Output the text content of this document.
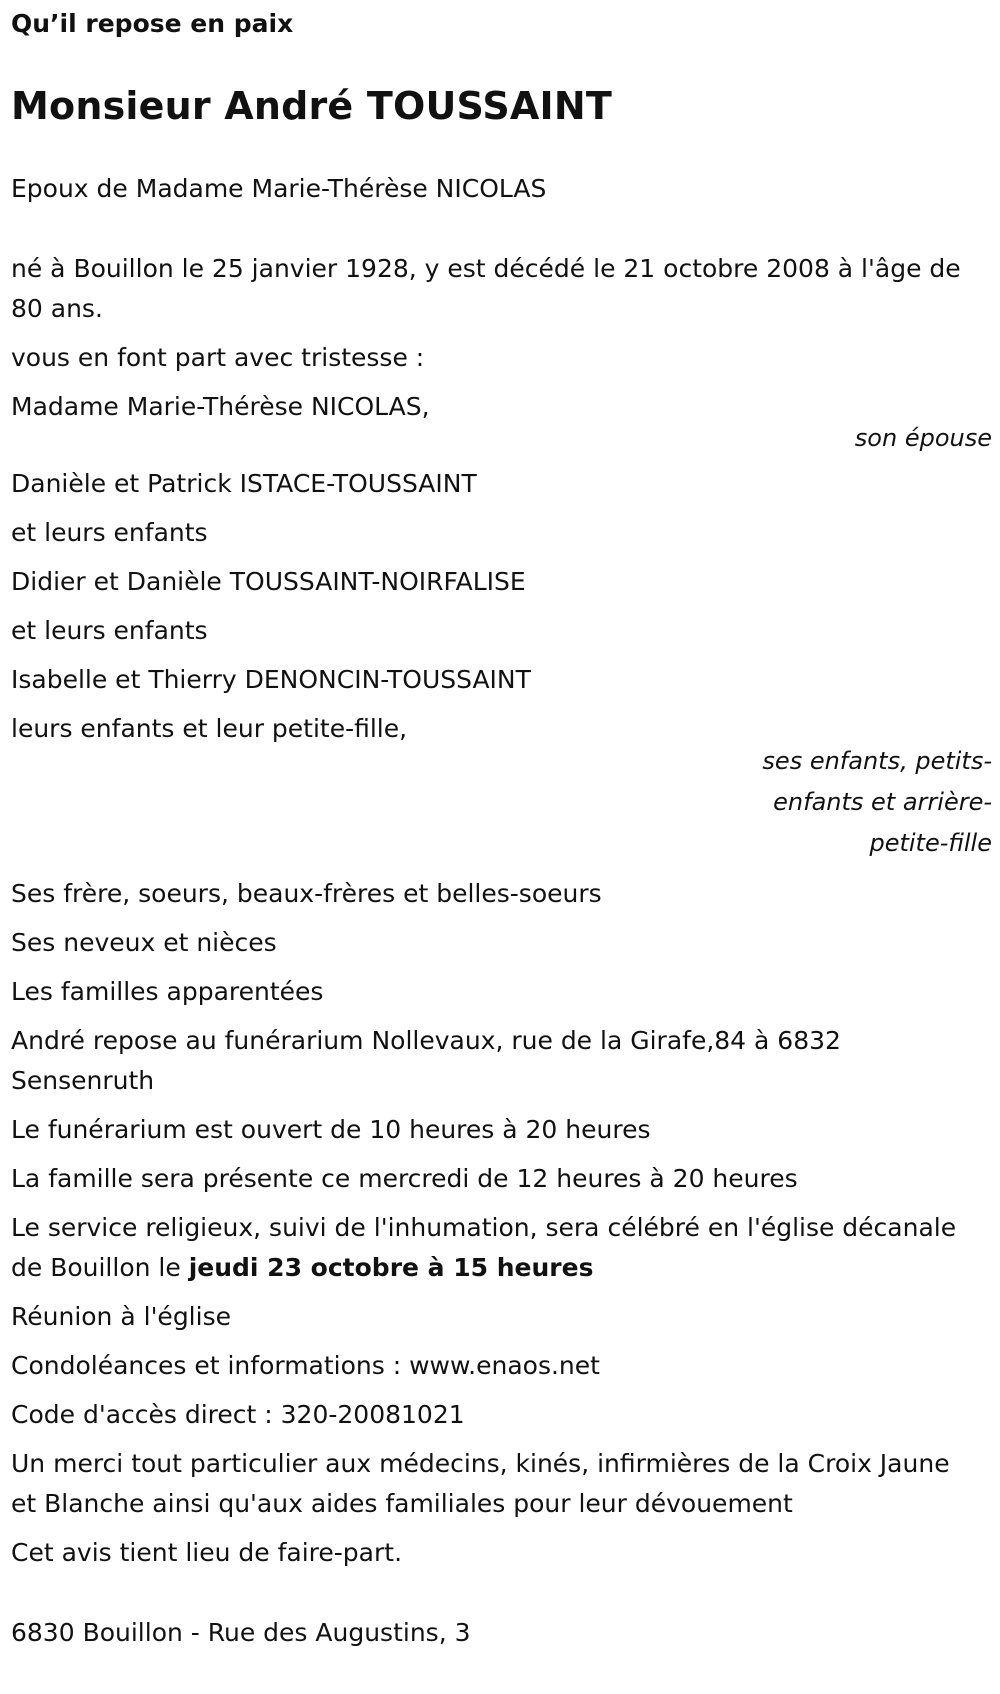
Qu’il repose en paix

Monsieur André TOUSSAINT

Epoux de Madame Marie-Thérèse NICOLAS

né à Bouillon le 25 janvier 1928, y est décédé le 21 octobre 2008 à l'âge de 80 ans.

vous en font part avec tristesse :

Madame Marie-Thérèse NICOLAS,

son épouse

Danièle et Patrick ISTACE-TOUSSAINT

et leurs enfants

Didier et Danièle TOUSSAINT-NOIRFALISE

et leurs enfants

Isabelle et Thierry DENONCIN-TOUSSAINT

leurs enfants et leur petite-fille,

ses enfants, petits-enfants et arrière-petite-fille

Ses frère, soeurs, beaux-frères et belles-soeurs

Ses neveux et nièces

Les familles apparentées

André repose au funérarium Nollevaux, rue de la Girafe,84 à 6832 Sensenruth

Le funérarium est ouvert de 10 heures à 20 heures

La famille sera présente ce mercredi de 12 heures à 20 heures

Le service religieux, suivi de l'inhumation, sera célébré en l'église décanale de Bouillon le jeudi 23 octobre à 15 heures

Réunion à l'église

Condoléances et informations : www.enaos.net

Code d'accès direct : 320-20081021

Un merci tout particulier aux médecins, kinés, infirmières de la Croix Jaune et Blanche ainsi qu'aux aides familiales pour leur dévouement

Cet avis tient lieu de faire-part.

6830 Bouillon - Rue des Augustins, 3
